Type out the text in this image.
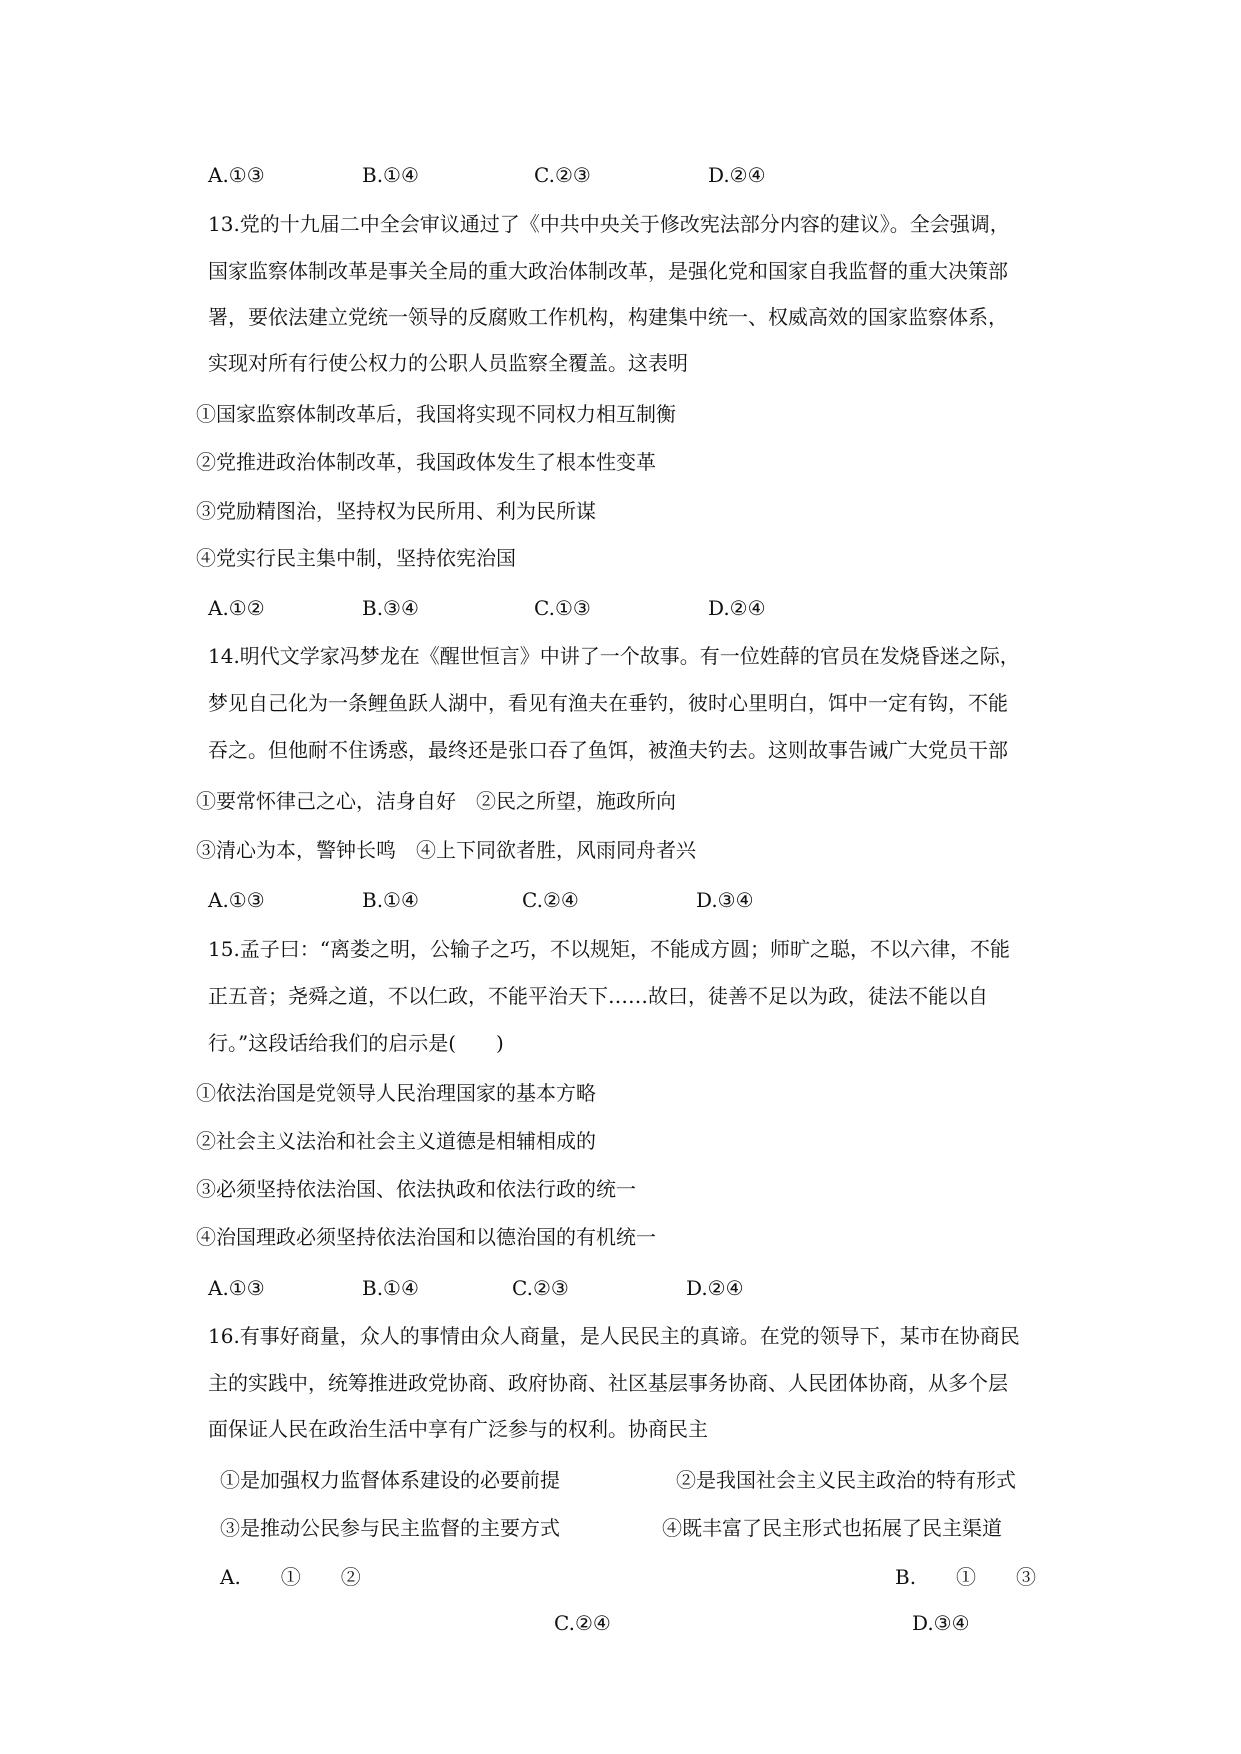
A.①③	B.①④	C.②③	D.②④

13.党的十九届二中全会审议通过了《中共中央关于修改宪法部分内容的建议》。全会强调，

国家监察体制改革是事关全局的重大政治体制改革，是强化党和国家自我监督的重大决策部

署，要依法建立党统一领导的反腐败工作机构，构建集中统一、权威高效的国家监察体系，

实现对所有行使公权力的公职人员监察全覆盖。这表明

①国家监察体制改革后，我国将实现不同权力相互制衡

②党推进政治体制改革，我国政体发生了根本性变革

③党励精图治，坚持权为民所用、利为民所谋

④党实行民主集中制，坚持依宪治国

A.①②	B.③④	C.①③	D.②④

14.明代文学家冯梦龙在《醒世恒言》中讲了一个故事。有一位姓薛的官员在发烧昏迷之际，

梦见自己化为一条鲤鱼跃人湖中，看见有渔夫在垂钓，彼时心里明白，饵中一定有钩，不能

吞之。但他耐不住诱惑，最终还是张口吞了鱼饵，被渔夫钓去。这则故事告诫广大党员干部

①要常怀律己之心，洁身自好　②民之所望，施政所向

③清心为本，警钟长鸣　④上下同欲者胜，风雨同舟者兴

A.①③	B.①④	C.②④	D.③④

15.孟子曰：“离娄之明，公输子之巧，不以规矩，不能成方圆；师旷之聪，不以六律，不能

正五音；尧舜之道，不以仁政，不能平治天下……故曰，徒善不足以为政，徒法不能以自

行。”这段话给我们的启示是(　　)

①依法治国是党领导人民治理国家的基本方略

②社会主义法治和社会主义道德是相辅相成的

③必须坚持依法治国、依法执政和依法行政的统一

④治国理政必须坚持依法治国和以德治国的有机统一

A.①③	B.①④	C.②③	D.②④

16.有事好商量，众人的事情由众人商量，是人民民主的真谛。在党的领导下，某市在协商民

主的实践中，统筹推进政党协商、政府协商、社区基层事务协商、人民团体协商，从多个层

面保证人民在政治生活中享有广泛参与的权利。协商民主

①是加强权力监督体系建设的必要前提	②是我国社会主义民主政治的特有形式

③是推动公民参与民主监督的主要方式	④既丰富了民主形式也拓展了民主渠道

A.　　①　　②	B.　　①　　③
C.②④	D.③④
